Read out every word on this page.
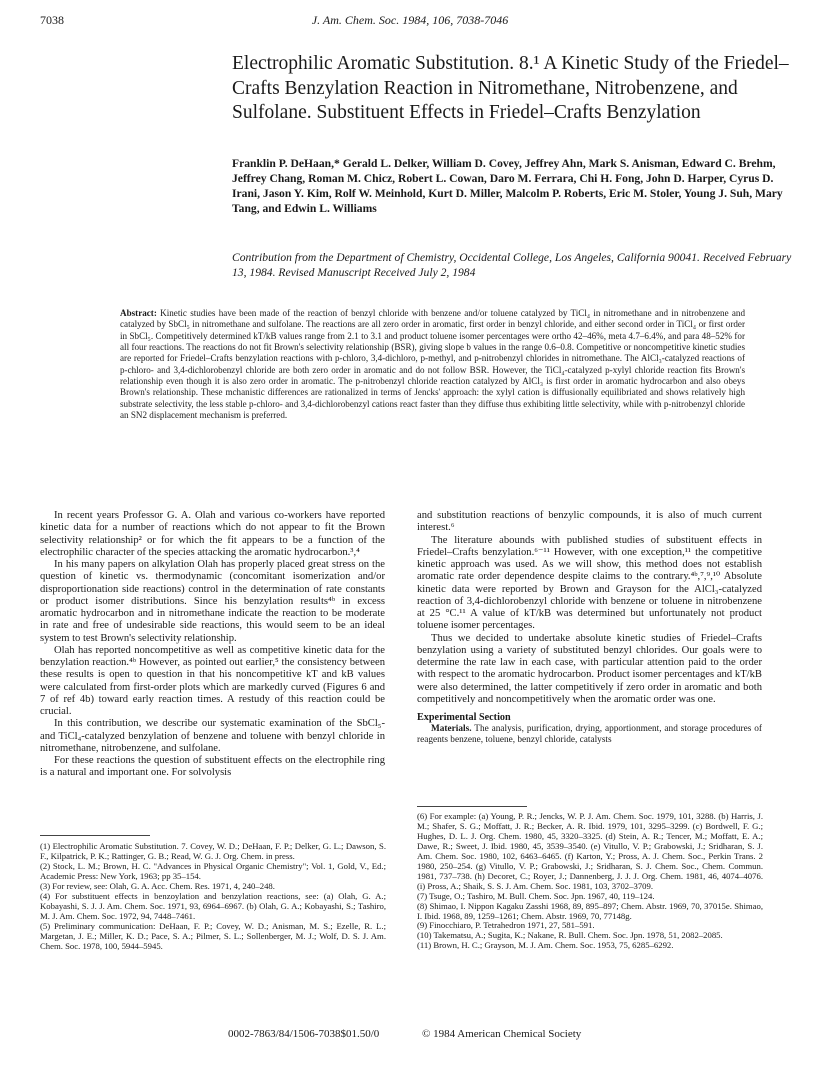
7038	J. Am. Chem. Soc. 1984, 106, 7038-7046
Electrophilic Aromatic Substitution. 8.¹ A Kinetic Study of the Friedel–Crafts Benzylation Reaction in Nitromethane, Nitrobenzene, and Sulfolane. Substituent Effects in Friedel–Crafts Benzylation
Franklin P. DeHaan,* Gerald L. Delker, William D. Covey, Jeffrey Ahn, Mark S. Anisman, Edward C. Brehm, Jeffrey Chang, Roman M. Chicz, Robert L. Cowan, Daro M. Ferrara, Chi H. Fong, John D. Harper, Cyrus D. Irani, Jason Y. Kim, Rolf W. Meinhold, Kurt D. Miller, Malcolm P. Roberts, Eric M. Stoler, Young J. Suh, Mary Tang, and Edwin L. Williams
Contribution from the Department of Chemistry, Occidental College, Los Angeles, California 90041. Received February 13, 1984. Revised Manuscript Received July 2, 1984
Abstract: Kinetic studies have been made of the reaction of benzyl chloride with benzene and/or toluene catalyzed by TiCl₄ in nitromethane and in nitrobenzene and catalyzed by SbCl₅ in nitromethane and sulfolane. The reactions are all zero order in aromatic, first order in benzyl chloride, and either second order in TiCl₄ or first order in SbCl₅. Competitively determined kT/kB values range from 2.1 to 3.1 and product toluene isomer percentages were ortho 42–46%, meta 4.7–6.4%, and para 48–52% for all four reactions. The reactions do not fit Brown's selectivity relationship (BSR), giving slope b values in the range 0.6–0.8. Competitive or noncompetitive kinetic studies are reported for Friedel–Crafts benzylation reactions with p-chloro, 3,4-dichloro, p-methyl, and p-nitrobenzyl chlorides in nitromethane. The AlCl₃-catalyzed reactions of p-chloro- and 3,4-dichlorobenzyl chloride are both zero order in aromatic and do not follow BSR. However, the TiCl₄-catalyzed p-xylyl chloride reaction fits Brown's relationship even though it is also zero order in aromatic. The p-nitrobenzyl chloride reaction catalyzed by AlCl₃ is first order in aromatic hydrocarbon and also obeys Brown's relationship. These mchanistic differences are rationalized in terms of Jencks' approach: the xylyl cation is diffusionally equilibriated and shows relatively high substrate selectivity, the less stable p-chloro- and 3,4-dichlorobenzyl cations react faster than they diffuse thus exhibiting little selectivity, while with p-nitrobenzyl chloride an SN2 displacement mechanism is preferred.

In recent years Professor G. A. Olah and various co-workers have reported kinetic data for a number of reactions which do not appear to fit the Brown selectivity relationship² or for which the fit appears to be a function of the electrophilic character of the species attacking the aromatic hydrocarbon.³,⁴

In his many papers on alkylation Olah has properly placed great stress on the question of kinetic vs. thermodynamic (concomitant isomerization and/or disproportionation side reactions) control in the determination of rate constants or product isomer distributions. Since his benzylation results⁴ᵇ in excess aromatic hydrocarbon and in nitromethane indicate the reaction to be moderate in rate and free of undesirable side reactions, this would seem to be an ideal system to test Brown's selectivity relationship.

Olah has reported noncompetitive as well as competitive kinetic data for the benzylation reaction.⁴ᵇ However, as pointed out earlier,⁵ the consistency between these results is open to question in that his noncompetitive kT and kB values were calculated from first-order plots which are markedly curved (Figures 6 and 7 of ref 4b) toward early reaction times. A restudy of this reaction could be crucial.

In this contribution, we describe our systematic examination of the SbCl₅- and TiCl₄-catalyzed benzylation of benzene and toluene with benzyl chloride in nitromethane, nitrobenzene, and sulfolane.

For these reactions the question of substituent effects on the electrophile ring is a natural and important one. For solvolysis

and substitution reactions of benzylic compounds, it is also of much current interest.⁶

The literature abounds with published studies of substituent effects in Friedel–Crafts benzylation.⁶⁻¹¹ However, with one exception,¹¹ the competitive kinetic approach was used. As we will show, this method does not establish aromatic rate order dependence despite claims to the contrary.⁴ᵇ,⁷,⁹,¹⁰ Absolute kinetic data were reported by Brown and Grayson for the AlCl₃-catalyzed reaction of 3,4-dichlorobenzyl chloride with benzene or toluene in nitrobenzene at 25 °C.¹¹ A value of kT/kB was determined but unfortunately not product toluene isomer percentages.

Thus we decided to undertake absolute kinetic studies of Friedel–Crafts benzylation using a variety of substituted benzyl chlorides. Our goals were to determine the rate law in each case, with particular attention paid to the order with respect to the aromatic hydrocarbon. Product isomer percentages and kT/kB were also determined, the latter competitively if zero order in aromatic and both competitively and noncompetitively when the aromatic order was one.

Experimental Section

Materials. The analysis, purification, drying, apportionment, and storage procedures of reagents benzene, toluene, benzyl chloride, catalysts

(1) Electrophilic Aromatic Substitution. 7. Covey, W. D.; DeHaan, F. P.; Delker, G. L.; Dawson, S. F., Kilpatrick, P. K.; Rattinger, G. B.; Read, W. G. J. Org. Chem. in press.

(2) Stock, L. M.; Brown, H. C. "Advances in Physical Organic Chemistry"; Vol. 1, Gold, V., Ed.; Academic Press: New York, 1963; pp 35–154.

(3) For review, see: Olah, G. A. Acc. Chem. Res. 1971, 4, 240–248.

(4) For substituent effects in benzoylation and benzylation reactions, see: (a) Olah, G. A.; Kobayashi, S. J. J. Am. Chem. Soc. 1971, 93, 6964–6967. (b) Olah, G. A.; Kobayashi, S.; Tashiro, M. J. Am. Chem. Soc. 1972, 94, 7448–7461.

(5) Preliminary communication: DeHaan, F. P.; Covey, W. D.; Anisman, M. S.; Ezelle, R. L.; Margetan, J. E.; Miller, K. D.; Pace, S. A.; Pilmer, S. L.; Sollenberger, M. J.; Wolf, D. S. J. Am. Chem. Soc. 1978, 100, 5944–5945.

(6) For example: (a) Young, P. R.; Jencks, W. P. J. Am. Chem. Soc. 1979, 101, 3288. (b) Harris, J. M.; Shafer, S. G.; Moffatt, J. R.; Becker, A. R. Ibid. 1979, 101, 3295–3299. (c) Bordwell, F. G.; Hughes, D. L. J. Org. Chem. 1980, 45, 3320–3325. (d) Stein, A. R.; Tencer, M.; Moffatt, E. A.; Dawe, R.; Sweet, J. Ibid. 1980, 45, 3539–3540. (e) Vitullo, V. P.; Grabowski, J.; Sridharan, S. J. Am. Chem. Soc. 1980, 102, 6463–6465. (f) Karton, Y.; Pross, A. J. Chem. Soc., Perkin Trans. 2 1980, 250–254. (g) Vitullo, V. P.; Grabowski, J.; Sridharan, S. J. Chem. Soc., Chem. Commun. 1981, 737–738. (h) Decoret, C.; Royer, J.; Dannenberg, J. J. J. Org. Chem. 1981, 46, 4074–4076. (i) Pross, A.; Shaik, S. S. J. Am. Chem. Soc. 1981, 103, 3702–3709.

(7) Tsuge, O.; Tashiro, M. Bull. Chem. Soc. Jpn. 1967, 40, 119–124.

(8) Shimao, I. Nippon Kagaku Zasshi 1968, 89, 895–897; Chem. Abstr. 1969, 70, 37015e. Shimao, I. Ibid. 1968, 89, 1259–1261; Chem. Abstr. 1969, 70, 77148g.

(9) Finocchiaro, P. Tetrahedron 1971, 27, 581–591.

(10) Takematsu, A.; Sugita, K.; Nakane, R. Bull. Chem. Soc. Jpn. 1978, 51, 2082–2085.

(11) Brown, H. C.; Grayson, M. J. Am. Chem. Soc. 1953, 75, 6285–6292.

0002-7863/84/1506-7038$01.50/0	© 1984 American Chemical Society
